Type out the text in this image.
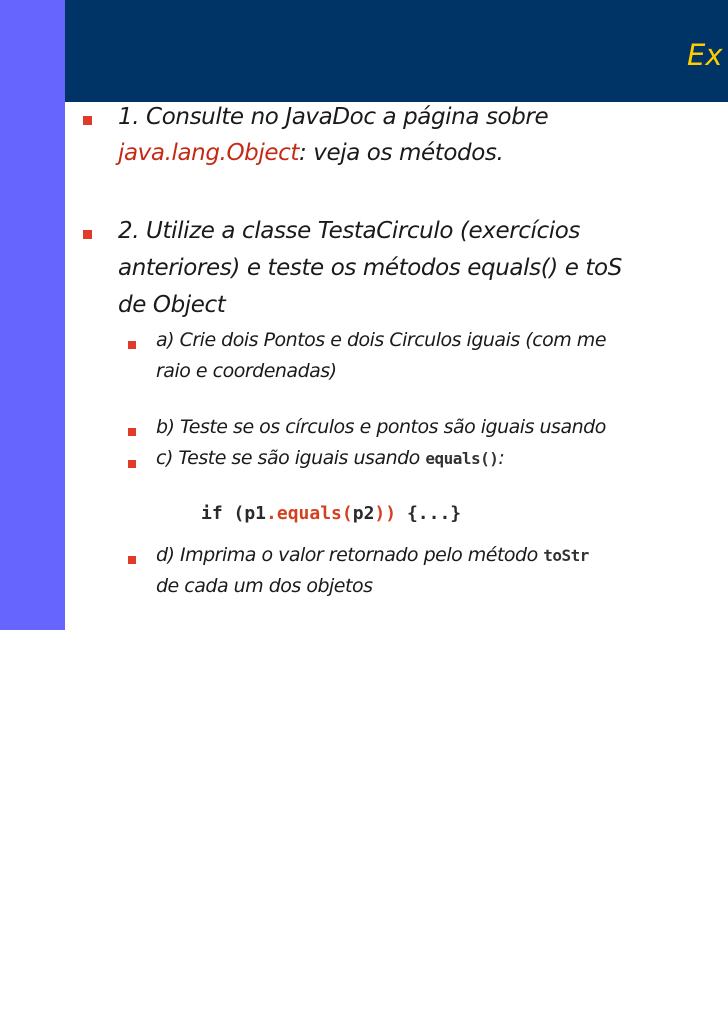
Ex
1. Consulte no JavaDoc a página sobre
java.lang.Object: veja os métodos.
2. Utilize a classe TestaCirculo (exercícios
anteriores) e teste os métodos equals() e toS
de Object
a) Crie dois Pontos e dois Circulos iguais (com me
raio e coordenadas)
b) Teste se os círculos e pontos são iguais usando
c) Teste se são iguais usando equals():
if (p1.equals(p2)) {...}
d) Imprima o valor retornado pelo método toStr
de cada um dos objetos
